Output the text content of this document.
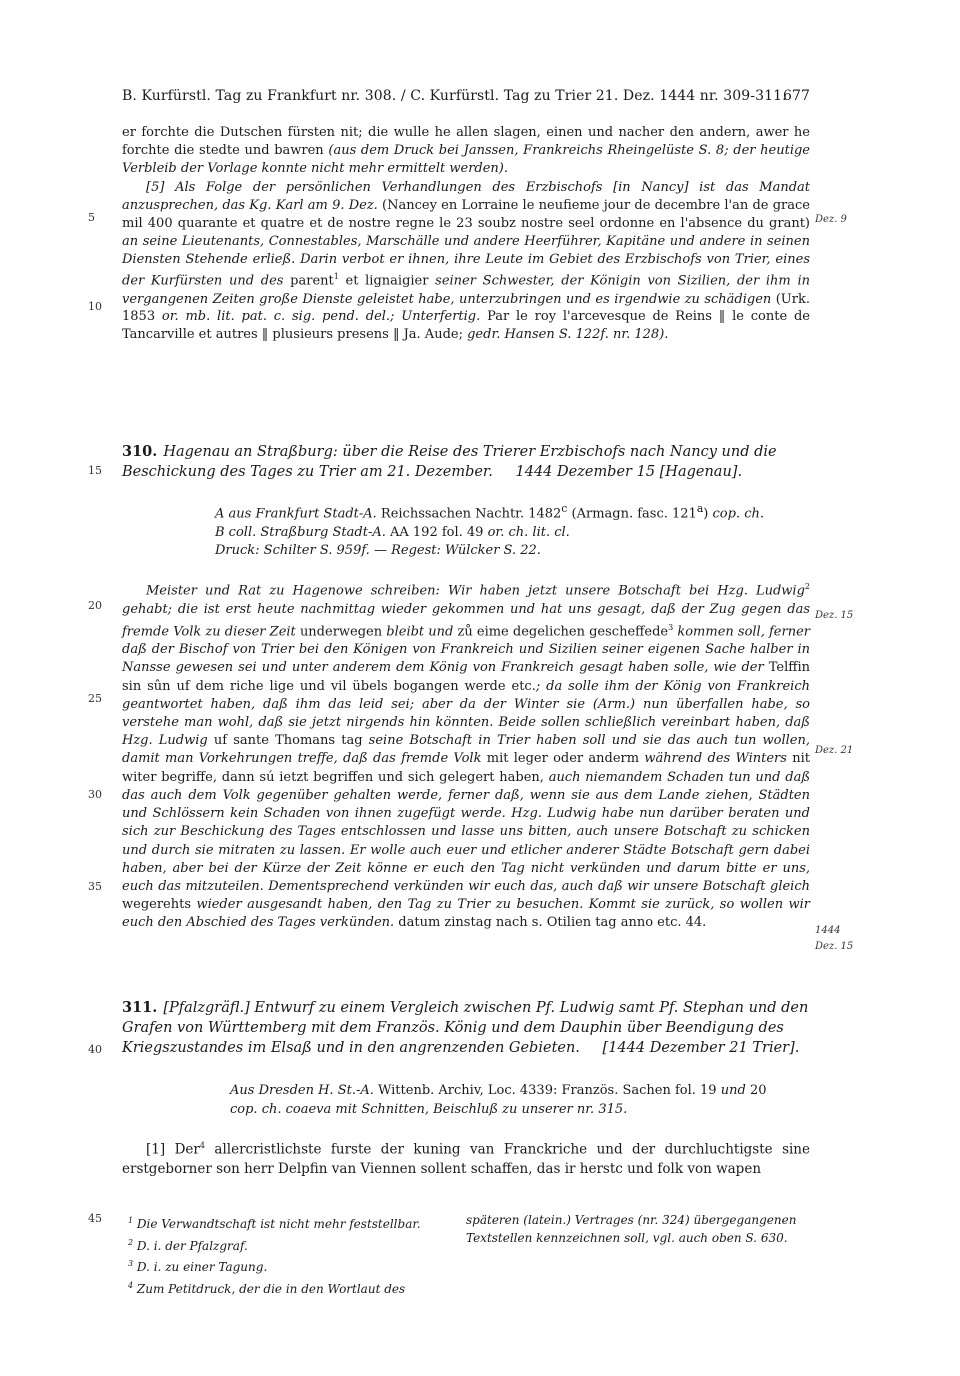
B. Kurfürstl. Tag zu Frankfurt nr. 308. / C. Kurfürstl. Tag zu Trier 21. Dez. 1444 nr. 309-311.
677
5
10
15
20
25
30
35
40
45
Dez. 9
Dez. 15
Dez. 21
1444
Dez. 15

er forchte die Dutschen fürsten nit; die wulle he allen slagen, einen und nacher den andern, awer he forchte die stedte und bawren (aus dem Druck bei Janssen, Frankreichs Rheingelüste S. 8; der heutige Verbleib der Vorlage konnte nicht mehr ermittelt werden).

[5] Als Folge der persönlichen Verhandlungen des Erzbischofs [in Nancy] ist das Mandat anzusprechen, das Kg. Karl am 9. Dez. (Nancey en Lorraine le neufieme jour de decembre l'an de grace mil 400 quarante et quatre et de nostre regne le 23 soubz nostre seel ordonne en l'absence du grant) an seine Lieutenants, Connestables, Marschälle und andere Heerführer, Kapitäne und andere in seinen Diensten Stehende erließ. Darin verbot er ihnen, ihre Leute im Gebiet des Erzbischofs von Trier, eines der Kurfürsten und des parent$^1$ et lignaigier seiner Schwester, der Königin von Sizilien, der ihm in vergangenen Zeiten große Dienste geleistet habe, unterzubringen und es irgendwie zu schädigen (Urk. 1853 or. mb. lit. pat. c. sig. pend. del.; Unterfertig. Par le roy l'arcevesque de Reins ‖ le conte de Tancarville et autres ‖ plusieurs presens ‖ Ja. Aude; gedr. Hansen S. 122f. nr. 128).

310. Hagenau an Straßburg: über die Reise des Trierer Erzbischofs nach Nancy und die Beschickung des Tages zu Trier am 21. Dezember. 1444 Dezember 15 [Hagenau].

A aus Frankfurt Stadt-A. Reichssachen Nachtr. 1482$^c$ (Armagn. fasc. 121$^a$) cop. ch.

B coll. Straßburg Stadt-A. AA 192 fol. 49 or. ch. lit. cl.

Druck: Schilter S. 959f. — Regest: Wülcker S. 22.

Meister und Rat zu Hagenowe schreiben: Wir haben jetzt unsere Botschaft bei Hzg. Ludwig$^2$ gehabt; die ist erst heute nachmittag wieder gekommen und hat uns gesagt, daß der Zug gegen das fremde Volk zu dieser Zeit underwegen bleibt und zů eime degelichen gescheffede$^3$ kommen soll, ferner daß der Bischof von Trier bei den Königen von Frankreich und Sizilien seiner eigenen Sache halber in Nansse gewesen sei und unter anderem dem König von Frankreich gesagt haben solle, wie der Telffin sin sûn uf dem riche lige und vil übels bogangen werde etc.; da solle ihm der König von Frankreich geantwortet haben, daß ihm das leid sei; aber da der Winter sie (Arm.) nun überfallen habe, so verstehe man wohl, daß sie jetzt nirgends hin könnten. Beide sollen schließlich vereinbart haben, daß Hzg. Ludwig uf sante Thomans tag seine Botschaft in Trier haben soll und sie das auch tun wollen, damit man Vorkehrungen treffe, daß das fremde Volk mit leger oder anderm während des Winters nit witer begriffe, dann sú ietzt begriffen und sich gelegert haben, auch niemandem Schaden tun und daß das auch dem Volk gegenüber gehalten werde, ferner daß, wenn sie aus dem Lande ziehen, Städten und Schlössern kein Schaden von ihnen zugefügt werde. Hzg. Ludwig habe nun darüber beraten und sich zur Beschickung des Tages entschlossen und lasse uns bitten, auch unsere Botschaft zu schicken und durch sie mitraten zu lassen. Er wolle auch euer und etlicher anderer Städte Botschaft gern dabei haben, aber bei der Kürze der Zeit könne er euch den Tag nicht verkünden und darum bitte er uns, euch das mitzuteilen. Dementsprechend verkünden wir euch das, auch daß wir unsere Botschaft gleich wegerehts wieder ausgesandt haben, den Tag zu Trier zu besuchen. Kommt sie zurück, so wollen wir euch den Abschied des Tages verkünden. datum zinstag nach s. Otilien tag anno etc. 44.

311. [Pfalzgräfl.] Entwurf zu einem Vergleich zwischen Pf. Ludwig samt Pf. Stephan und den Grafen von Württemberg mit dem Französ. König und dem Dauphin über Beendigung des Kriegszustandes im Elsaß und in den angrenzenden Gebieten. [1444 Dezember 21 Trier].

Aus Dresden H. St.-A. Wittenb. Archiv, Loc. 4339: Französ. Sachen fol. 19 und 20

cop. ch. coaeva mit Schnitten, Beischluß zu unserer nr. 315.

[1] Der$^4$ allercristlichste furste der kuning van Franckriche und der durchluchtigste sine erstgeborner son herr Delpfin van Viennen sollent schaffen, das ir herstc und folk von wapen

$^1$ Die Verwandtschaft ist nicht mehr feststellbar.

$^2$ D. i. der Pfalzgraf.

$^3$ D. i. zu einer Tagung.

$^4$ Zum Petitdruck, der die in den Wortlaut des

späteren (latein.) Vertrages (nr. 324) übergegangenen Textstellen kennzeichnen soll, vgl. auch oben S. 630.
